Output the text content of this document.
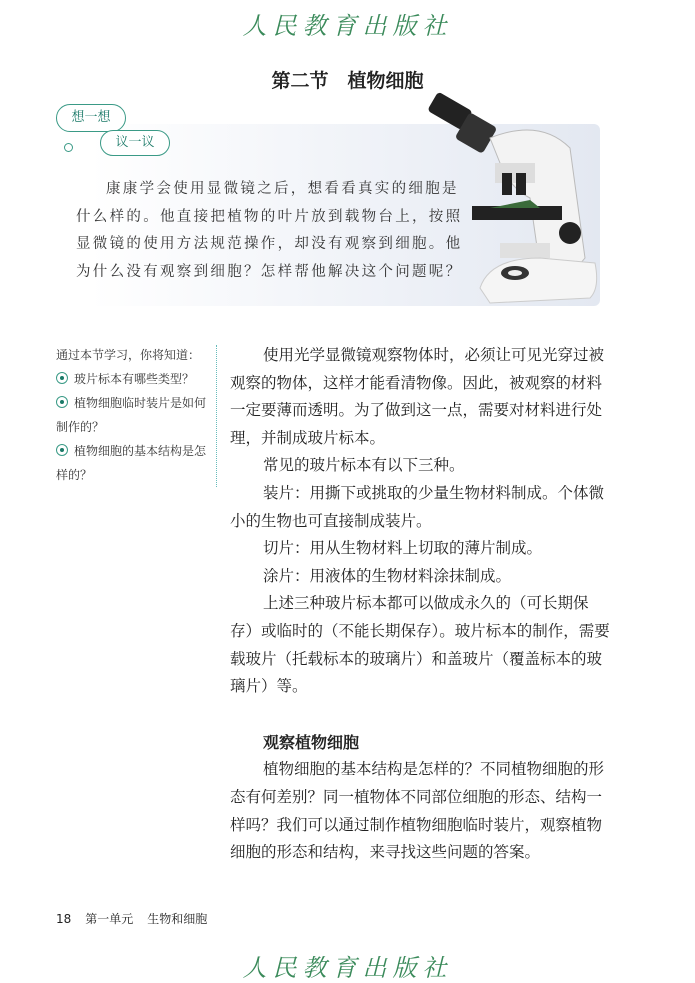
人民教育出版社
第二节　植物细胞
想一想
议一议
康康学会使用显微镜之后，想看看真实的细胞是
什么样的。他直接把植物的叶片放到载物台上，按照
显微镜的使用方法规范操作，却没有观察到细胞。他
为什么没有观察到细胞？怎样帮他解决这个问题呢？
通过本节学习，你将知道：
玻片标本有哪些类型？
植物细胞临时装片是如何制作的？
植物细胞的基本结构是怎样的？

使用光学显微镜观察物体时，必须让可见光穿过被观察的物体，这样才能看清物像。因此，被观察的材料一定要薄而透明。为了做到这一点，需要对材料进行处理，并制成玻片标本。

常见的玻片标本有以下三种。

装片：用撕下或挑取的少量生物材料制成。个体微小的生物也可直接制成装片。

切片：用从生物材料上切取的薄片制成。

涂片：用液体的生物材料涂抹制成。

上述三种玻片标本都可以做成永久的（可长期保存）或临时的（不能长期保存）。玻片标本的制作，需要载玻片（托载标本的玻璃片）和盖玻片（覆盖标本的玻璃片）等。

观察植物细胞

植物细胞的基本结构是怎样的？不同植物细胞的形态有何差别？同一植物体不同部位细胞的形态、结构一样吗？我们可以通过制作植物细胞临时装片，观察植物细胞的形态和结构，来寻找这些问题的答案。

18 第一单元 生物和细胞
人民教育出版社
